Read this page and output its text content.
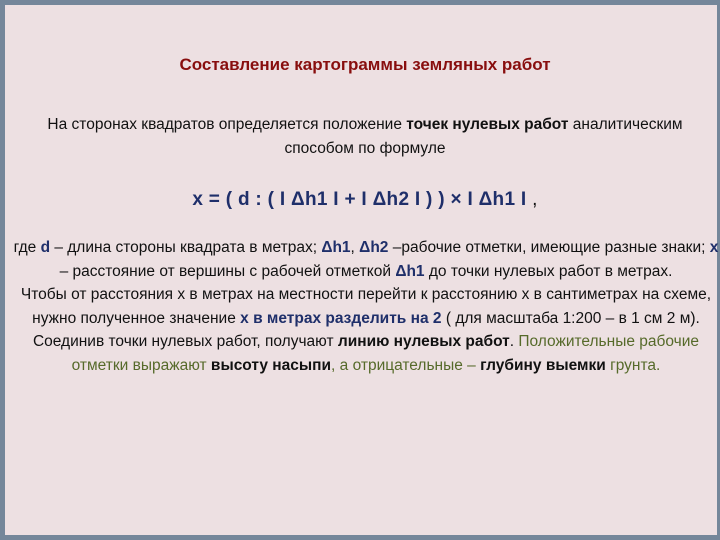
Составление картограммы земляных работ
На сторонах квадратов определяется положение точек нулевых работ аналитическим способом по формуле
x = ( d : ( I Δh1 I + I Δh2 I ) ) × I Δh1 I ,
где d – длина стороны квадрата в метрах; Δh1, Δh2 –рабочие отметки, имеющие разные знаки; x – расстояние от вершины с рабочей отметкой Δh1 до точки нулевых работ в метрах.
Чтобы от расстояния х в метрах на местности перейти к расстоянию х в сантиметрах на схеме, нужно полученное значение х в метрах разделить на 2 ( для масштаба 1:200 – в 1 см 2 м).
Соединив точки нулевых работ, получают линию нулевых работ. Положительные рабочие отметки выражают высоту насыпи, а отрицательные – глубину выемки грунта.
